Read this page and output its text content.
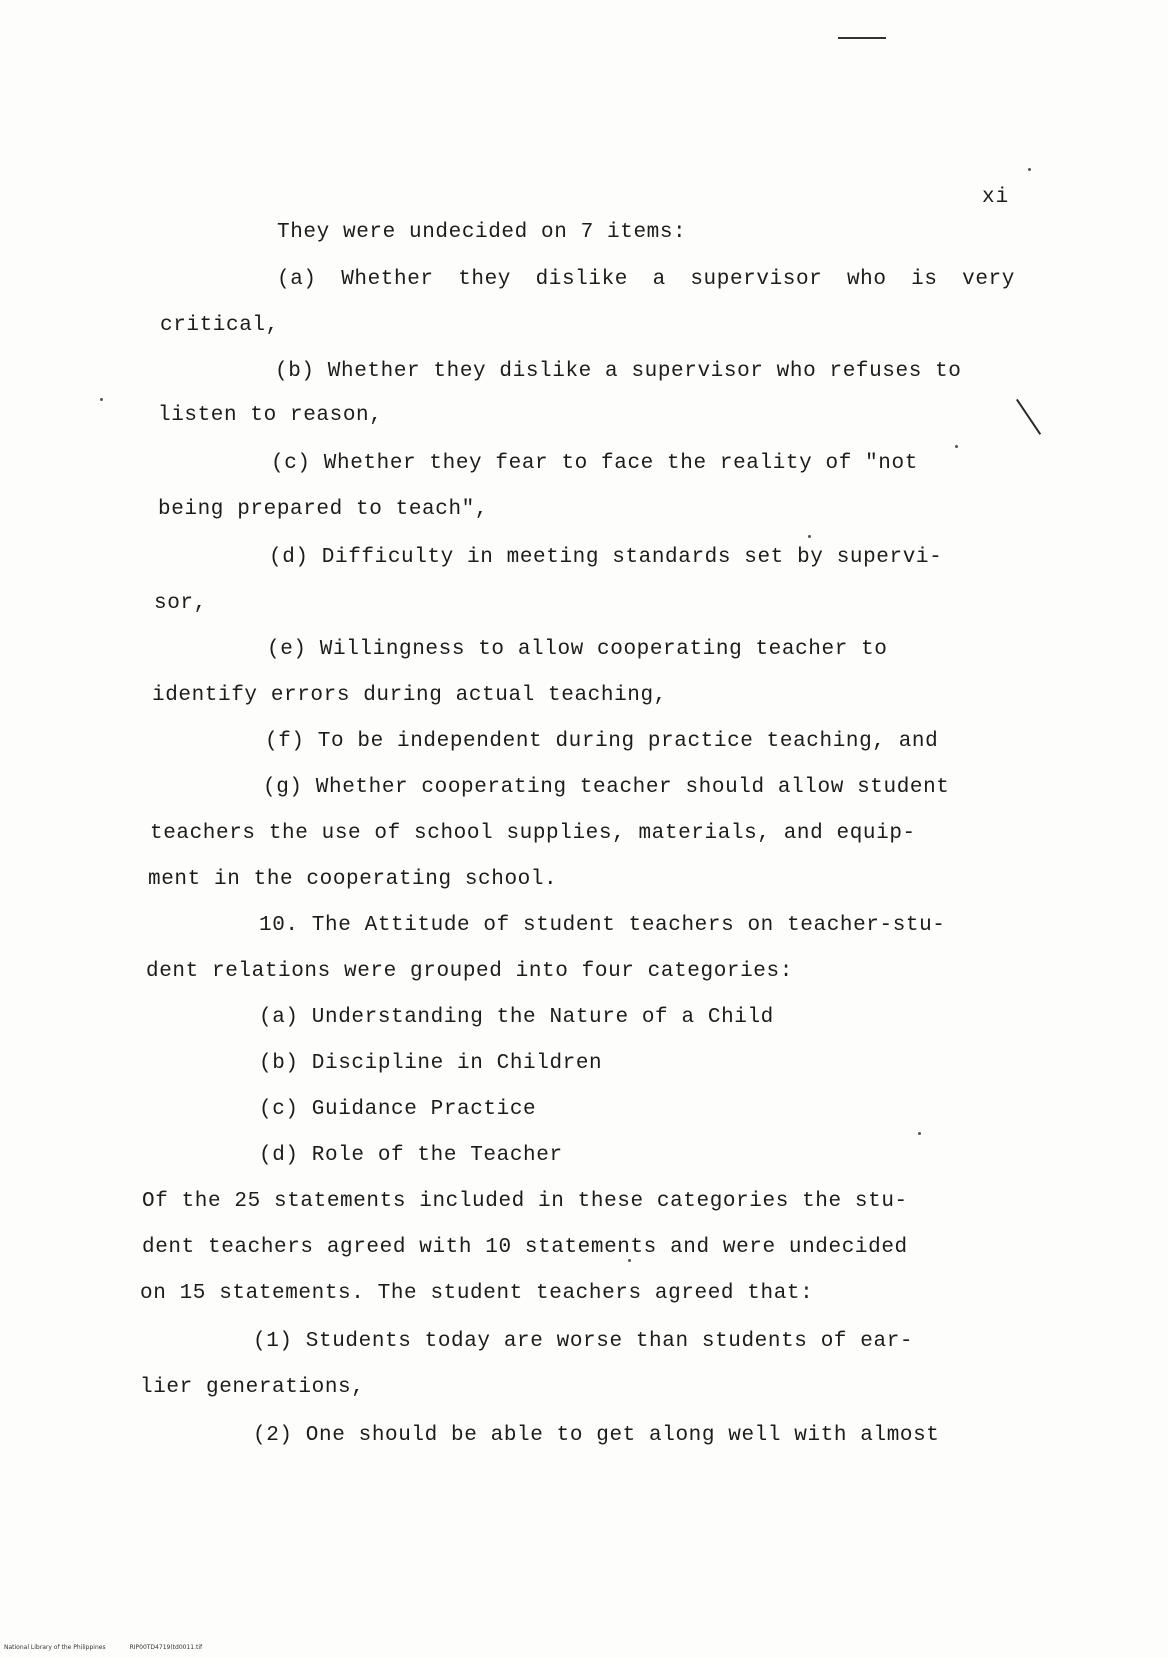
xi
They were undecided on 7 items:
(a) Whether they dislike a supervisor who is very
critical,
(b) Whether they dislike a supervisor who refuses to
listen to reason,
(c) Whether they fear to face the reality of "not
being prepared to teach",
(d) Difficulty in meeting standards set by supervi-
sor,
(e) Willingness to allow cooperating teacher to
identify errors during actual teaching,
(f) To be independent during practice teaching, and
(g) Whether cooperating teacher should allow student
teachers the use of school supplies, materials, and equip-
ment in the cooperating school.
10. The Attitude of student teachers on teacher-stu-
dent relations were grouped into four categories:
(a) Understanding the Nature of a Child
(b) Discipline in Children
(c) Guidance Practice
(d) Role of the Teacher
Of the 25 statements included in these categories the stu-
dent teachers agreed with 10 statements and were undecided
on 15 statements. The student teachers agreed that:
(1) Students today are worse than students of ear-
lier generations,
(2) One should be able to get along well with almost
National Library of the Philippines	RIP00TD4719(td0011.tif
